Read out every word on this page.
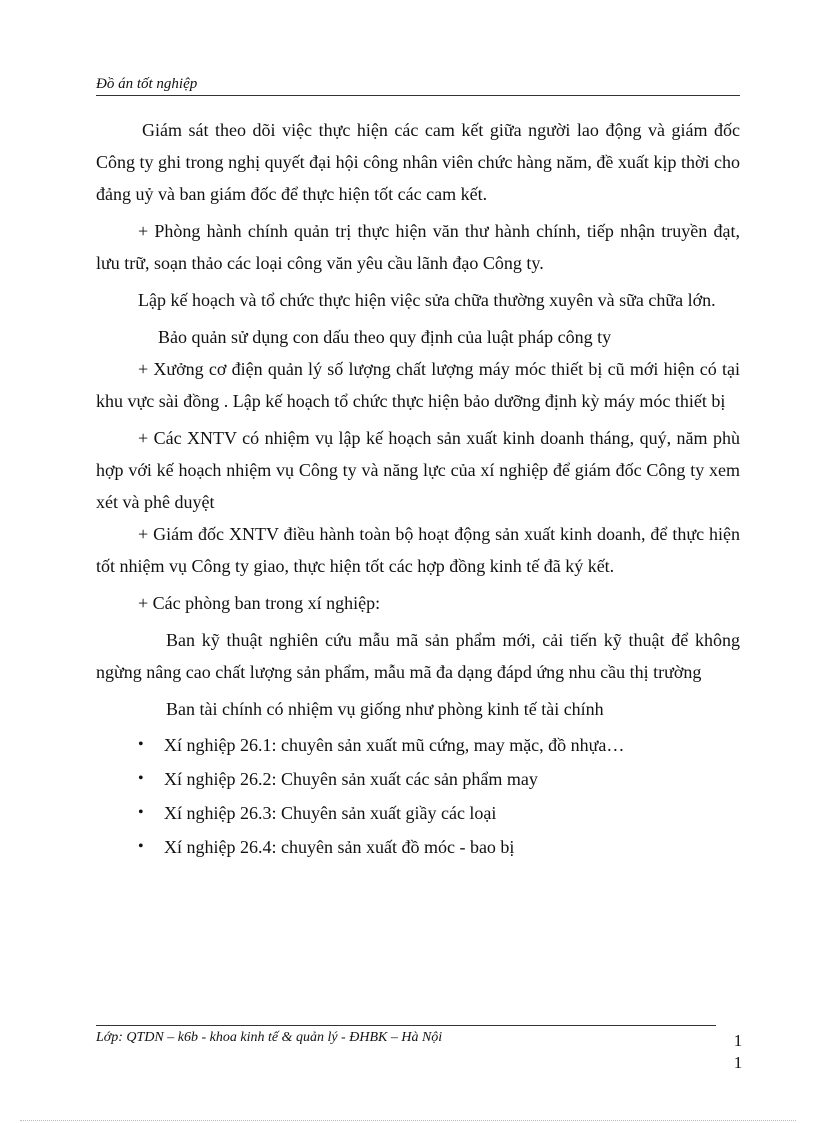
Đồ án tốt nghiệp

Giám sát theo dõi việc thực hiện các cam kết giữa người lao động và giám đốc Công ty ghi trong nghị quyết đại hội công nhân viên chức hàng năm, đề xuất kịp thời cho đảng uỷ và ban giám đốc để thực hiện tốt các cam kết.

+ Phòng hành chính quản trị thực hiện văn thư hành chính, tiếp nhận truyền đạt, lưu trữ, soạn thảo các loại công văn yêu cầu lãnh đạo Công ty.

Lập kế hoạch và tổ chức thực hiện việc sửa chữa thường xuyên và sữa chữa lớn.

Bảo quản sử dụng con dấu theo quy định của luật pháp công ty

+ Xưởng cơ điện quản lý số lượng chất lượng máy móc thiết bị cũ mới hiện có tại khu vực sài đồng . Lập kế hoạch tổ chức thực hiện bảo dưỡng định kỳ máy móc thiết bị

+ Các XNTV có nhiệm vụ lập kế hoạch sản xuất kinh doanh tháng, quý, năm phù hợp với kế hoạch nhiệm vụ Công ty và năng lực của xí nghiệp để giám đốc Công ty xem xét và phê duyệt

+ Giám đốc XNTV điều hành toàn bộ hoạt động sản xuất kinh doanh, để thực hiện tốt nhiệm vụ Công ty giao, thực hiện tốt các hợp đồng kinh tế đã ký kết.

+ Các phòng ban trong xí nghiệp:

Ban kỹ thuật nghiên cứu mẫu mã sản phẩm mới, cải tiến kỹ thuật để không ngừng nâng cao chất lượng sản phẩm, mẫu mã đa dạng đápd ứng nhu cầu thị trường

Ban tài chính có nhiệm vụ giống như phòng kinh tế tài chính

• Xí nghiệp 26.1: chuyên sản xuất mũ cứng, may mặc, đồ nhựa…
• Xí nghiệp 26.2: Chuyên sản xuất các sản phẩm may
• Xí nghiệp 26.3: Chuyên sản xuất giầy các loại
• Xí nghiệp 26.4: chuyên sản xuất đồ móc - bao bị
Lớp: QTDN – k6b - khoa kinh tế & quản lý - ĐHBK – Hà Nội	1
1
